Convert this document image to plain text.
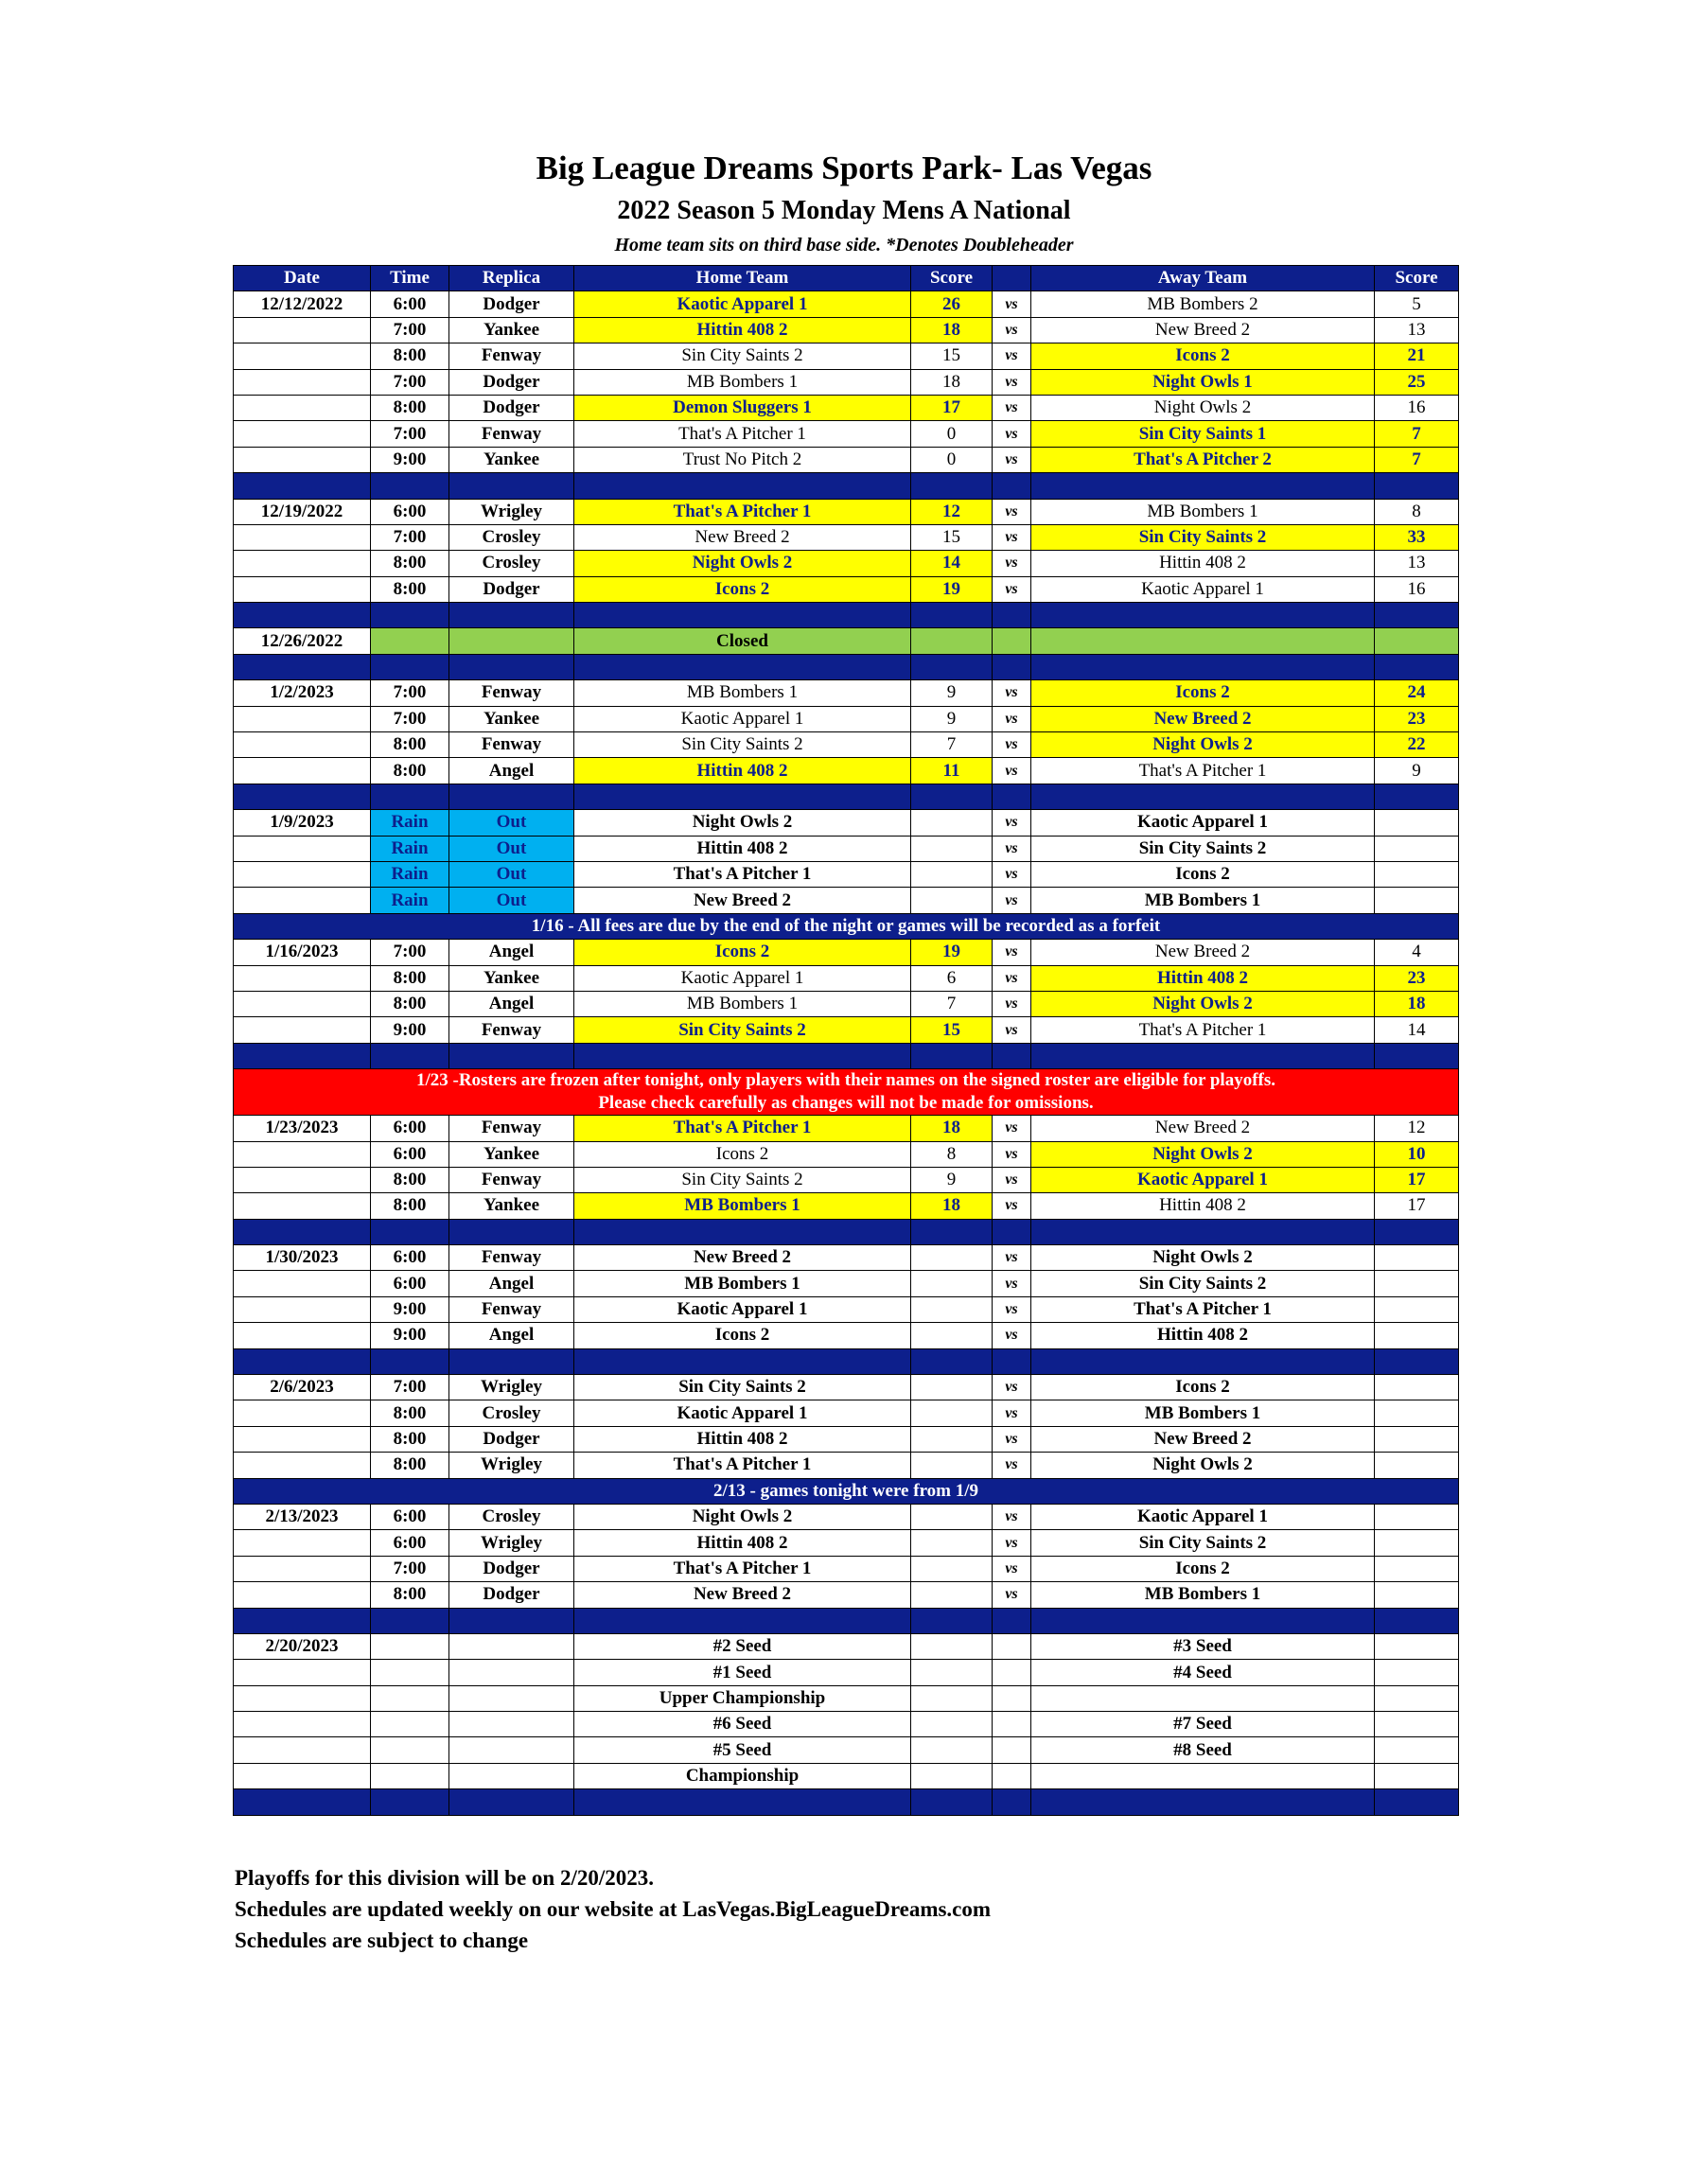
Big League Dreams Sports Park- Las Vegas
2022 Season 5 Monday Mens A National
Home team sits on third base side. *Denotes Doubleheader
Date	Time	Replica	Home Team	Score		Away Team	Score
12/12/2022	6:00	Dodger	Kaotic Apparel 1	26	vs	MB Bombers 2	5
	7:00	Yankee	Hittin 408 2	18	vs	New Breed 2	13
	8:00	Fenway	Sin City Saints 2	15	vs	Icons 2	21
	7:00	Dodger	MB Bombers 1	18	vs	Night Owls 1	25
	8:00	Dodger	Demon Sluggers 1	17	vs	Night Owls 2	16
	7:00	Fenway	That's A Pitcher 1	0	vs	Sin City Saints 1	7
	9:00	Yankee	Trust No Pitch 2	0	vs	That's A Pitcher 2	7

12/19/2022	6:00	Wrigley	That's A Pitcher 1	12	vs	MB Bombers 1	8
	7:00	Crosley	New Breed 2	15	vs	Sin City Saints 2	33
	8:00	Crosley	Night Owls 2	14	vs	Hittin 408 2	13
	8:00	Dodger	Icons 2	19	vs	Kaotic Apparel 1	16

12/26/2022			Closed				

1/2/2023	7:00	Fenway	MB Bombers 1	9	vs	Icons 2	24
	7:00	Yankee	Kaotic Apparel 1	9	vs	New Breed 2	23
	8:00	Fenway	Sin City Saints 2	7	vs	Night Owls 2	22
	8:00	Angel	Hittin 408 2	11	vs	That's A Pitcher 1	9

1/9/2023	Rain	Out	Night Owls 2		vs	Kaotic Apparel 1	
	Rain	Out	Hittin 408 2		vs	Sin City Saints 2	
	Rain	Out	That's A Pitcher 1		vs	Icons 2	
	Rain	Out	New Breed 2		vs	MB Bombers 1	
1/16 - All fees are due by the end of the night or games will be recorded as a forfeit							
1/16/2023	7:00	Angel	Icons 2	19	vs	New Breed 2	4
	8:00	Yankee	Kaotic Apparel 1	6	vs	Hittin 408 2	23
	8:00	Angel	MB Bombers 1	7	vs	Night Owls 2	18
	9:00	Fenway	Sin City Saints 2	15	vs	That's A Pitcher 1	14

1/23 -Rosters are frozen after tonight, only players with their names on the signed roster are eligible for playoffs.
Please check carefully as changes will not be made for omissions.							

1/23/2023	6:00	Fenway	That's A Pitcher 1	18	vs	New Breed 2	12
	6:00	Yankee	Icons 2	8	vs	Night Owls 2	10
	8:00	Fenway	Sin City Saints 2	9	vs	Kaotic Apparel 1	17
	8:00	Yankee	MB Bombers 1	18	vs	Hittin 408 2	17

1/30/2023	6:00	Fenway	New Breed 2		vs	Night Owls 2	
	6:00	Angel	MB Bombers 1		vs	Sin City Saints 2	
	9:00	Fenway	Kaotic Apparel 1		vs	That's A Pitcher 1	
	9:00	Angel	Icons 2		vs	Hittin 408 2	

2/6/2023	7:00	Wrigley	Sin City Saints 2		vs	Icons 2	
	8:00	Crosley	Kaotic Apparel 1		vs	MB Bombers 1	
	8:00	Dodger	Hittin 408 2		vs	New Breed 2	
	8:00	Wrigley	That's A Pitcher 1		vs	Night Owls 2	
2/13 - games tonight were from 1/9							
2/13/2023	6:00	Crosley	Night Owls 2		vs	Kaotic Apparel 1	
	6:00	Wrigley	Hittin 408 2		vs	Sin City Saints 2	
	7:00	Dodger	That's A Pitcher 1		vs	Icons 2	
	8:00	Dodger	New Breed 2		vs	MB Bombers 1	

2/20/2023			#2 Seed			#3 Seed	
			#1 Seed			#4 Seed	
			Upper Championship				
			#6 Seed			#7 Seed	
			#5 Seed			#8 Seed	
			Championship				

Playoffs for this division will be on 2/20/2023.
Schedules are updated weekly on our website at LasVegas.BigLeagueDreams.com
Schedules are subject to change
